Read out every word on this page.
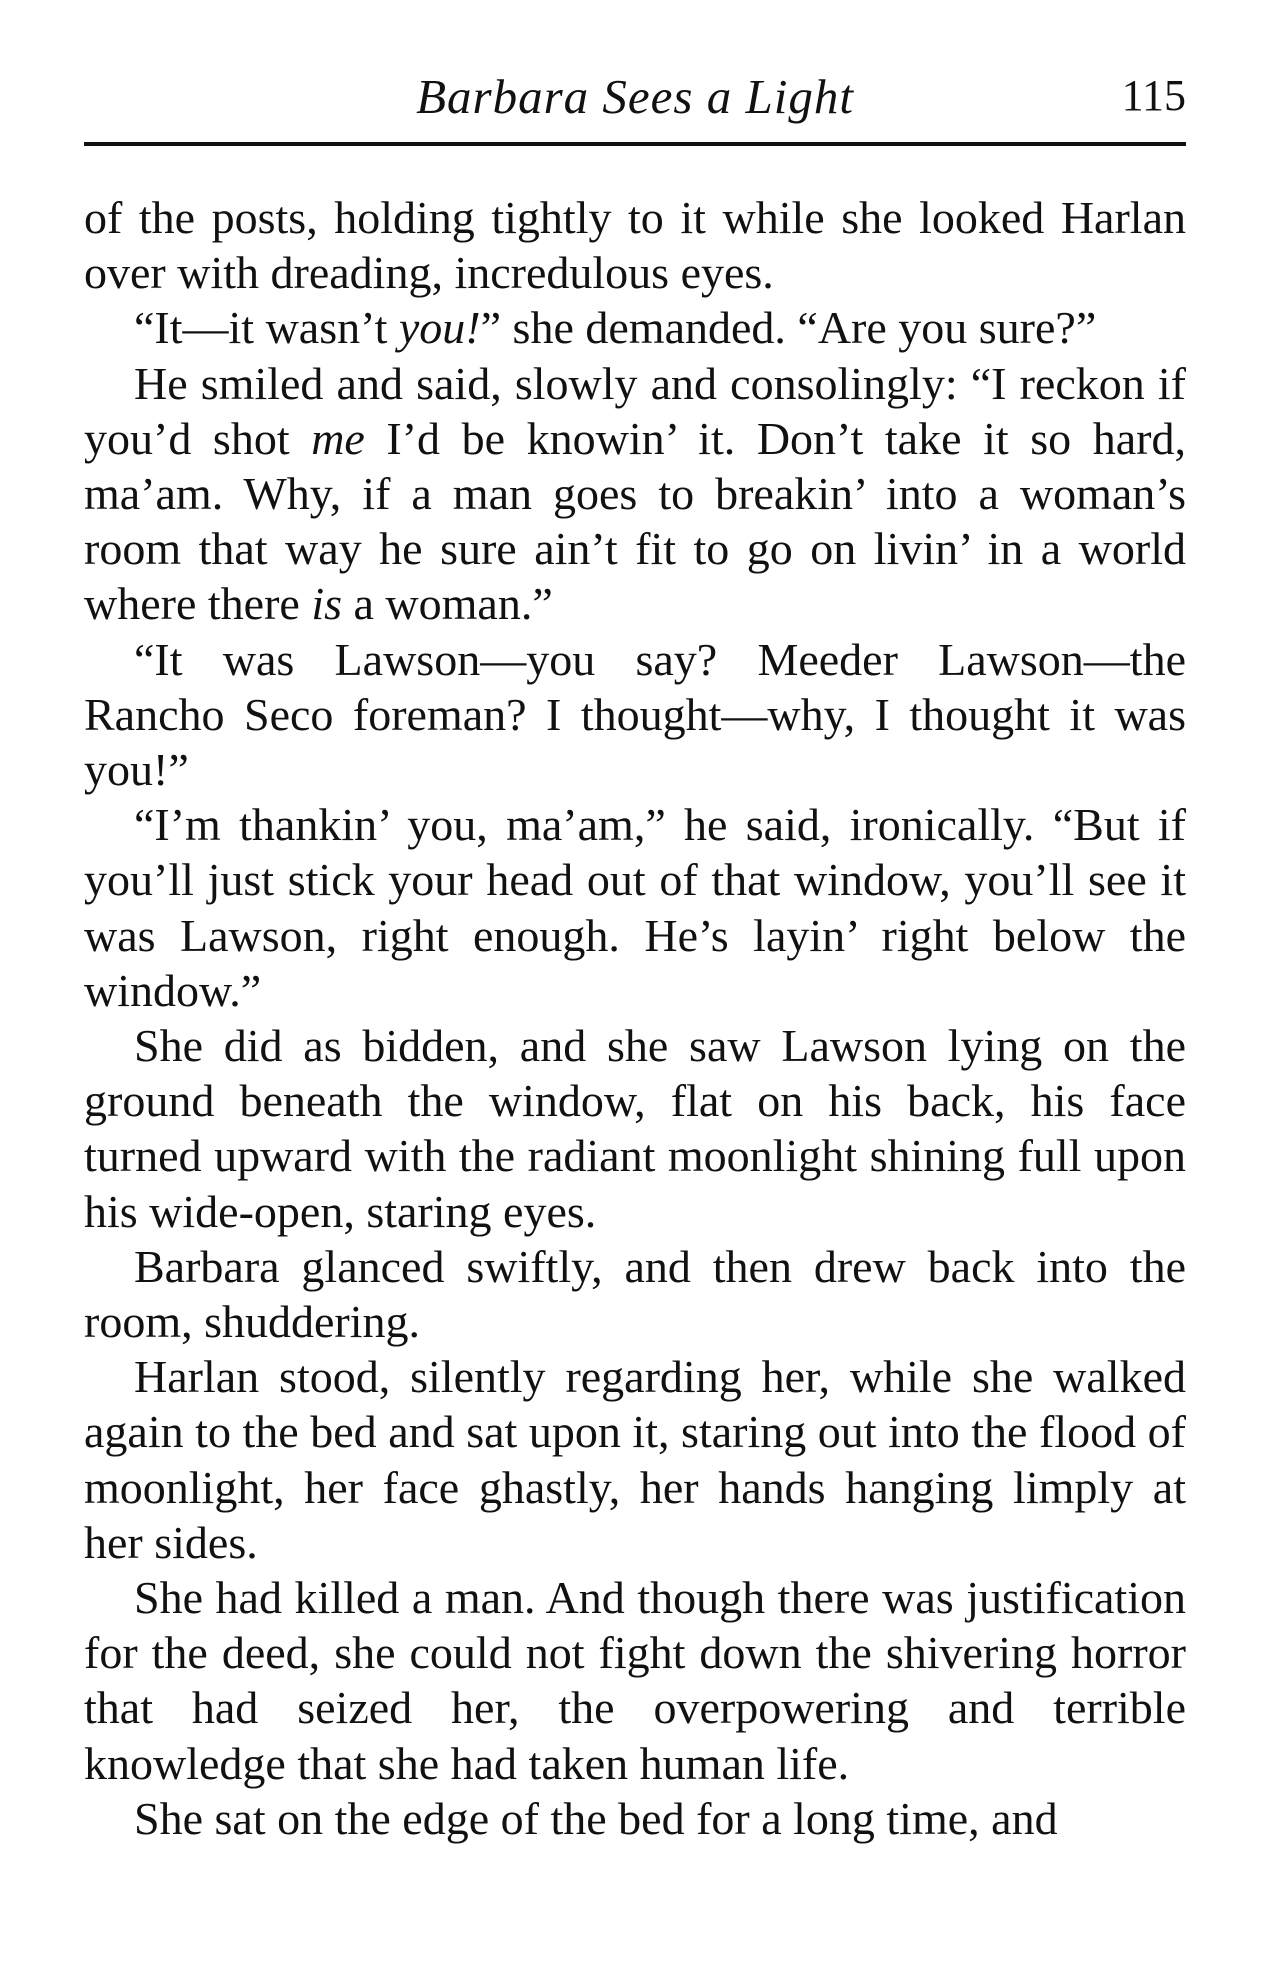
Barbara Sees a Light	115

of the posts, holding tightly to it while she looked Harlan over with dreading, incredulous eyes.

“It—it wasn’t you!” she demanded. “Are you sure?”

He smiled and said, slowly and consolingly: “I reckon if you’d shot me I’d be knowin’ it. Don’t take it so hard, ma’am. Why, if a man goes to breakin’ into a woman’s room that way he sure ain’t fit to go on livin’ in a world where there is a woman.”

“It was Lawson—you say? Meeder Lawson—the Rancho Seco foreman? I thought—why, I thought it was you!”

“I’m thankin’ you, ma’am,” he said, ironically. “But if you’ll just stick your head out of that window, you’ll see it was Lawson, right enough. He’s layin’ right below the window.”

She did as bidden, and she saw Lawson lying on the ground beneath the window, flat on his back, his face turned upward with the radiant moonlight shining full upon his wide-open, staring eyes.

Barbara glanced swiftly, and then drew back into the room, shuddering.

Harlan stood, silently regarding her, while she walked again to the bed and sat upon it, staring out into the flood of moonlight, her face ghastly, her hands hanging limply at her sides.

She had killed a man. And though there was justification for the deed, she could not fight down the shivering horror that had seized her, the overpowering and terrible knowledge that she had taken human life.

She sat on the edge of the bed for a long time, and
